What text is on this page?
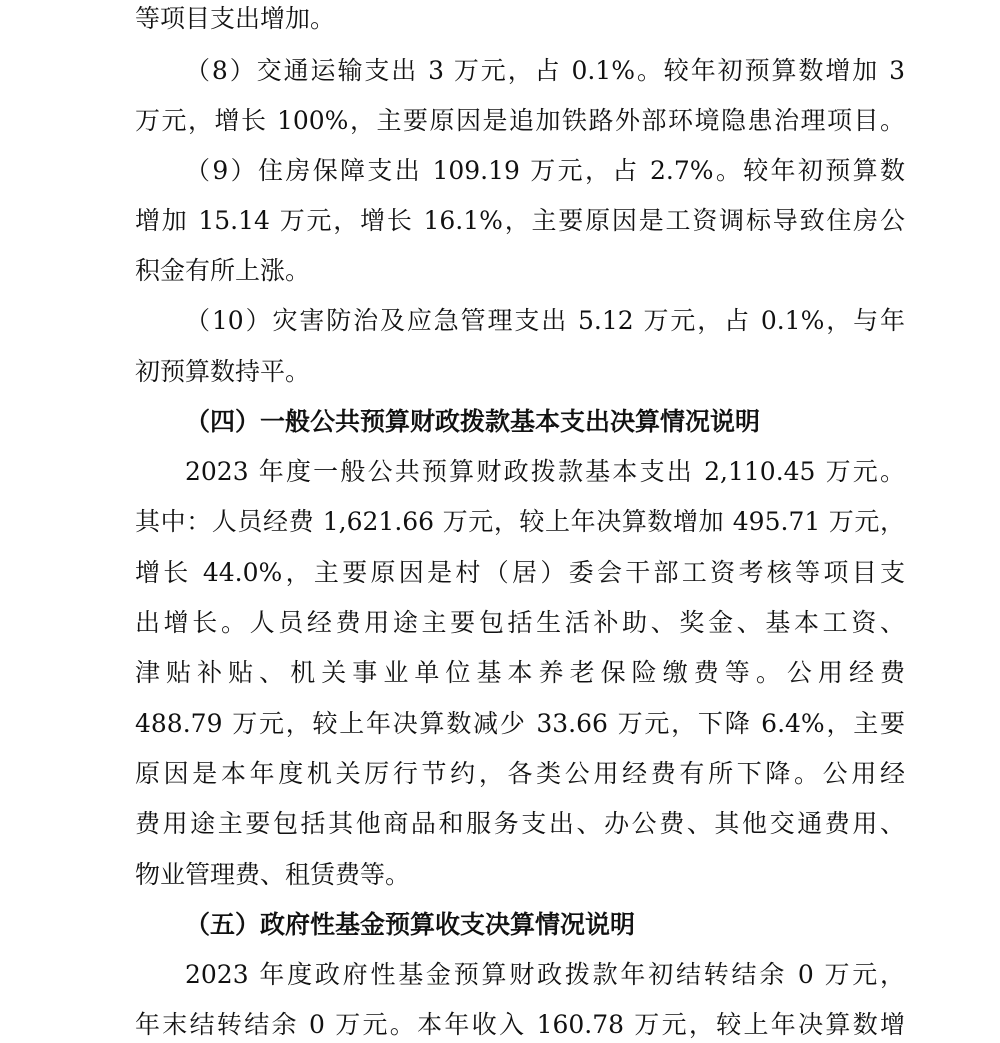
等项目支出增加。
（8）交通运输支出 3 万元，占 0.1%。较年初预算数增加 3
万元，增长 100%，主要原因是追加铁路外部环境隐患治理项目。
（9）住房保障支出 109.19 万元，占 2.7%。较年初预算数
增加 15.14 万元，增长 16.1%，主要原因是工资调标导致住房公
积金有所上涨。
（10）灾害防治及应急管理支出 5.12 万元，占 0.1%，与年
初预算数持平。
（四）一般公共预算财政拨款基本支出决算情况说明
2023 年度一般公共预算财政拨款基本支出 2,110.45 万元。
其中：人员经费 1,621.66 万元，较上年决算数增加 495.71 万元，
增长 44.0%，主要原因是村（居）委会干部工资考核等项目支
出增长。人员经费用途主要包括生活补助、奖金、基本工资、
津贴补贴、机关事业单位基本养老保险缴费等。公用经费
488.79 万元，较上年决算数减少 33.66 万元，下降 6.4%，主要
原因是本年度机关厉行节约，各类公用经费有所下降。公用经
费用途主要包括其他商品和服务支出、办公费、其他交通费用、
物业管理费、租赁费等。
（五）政府性基金预算收支决算情况说明
2023 年度政府性基金预算财政拨款年初结转结余 0 万元，
年末结转结余 0 万元。本年收入 160.78 万元，较上年决算数增
